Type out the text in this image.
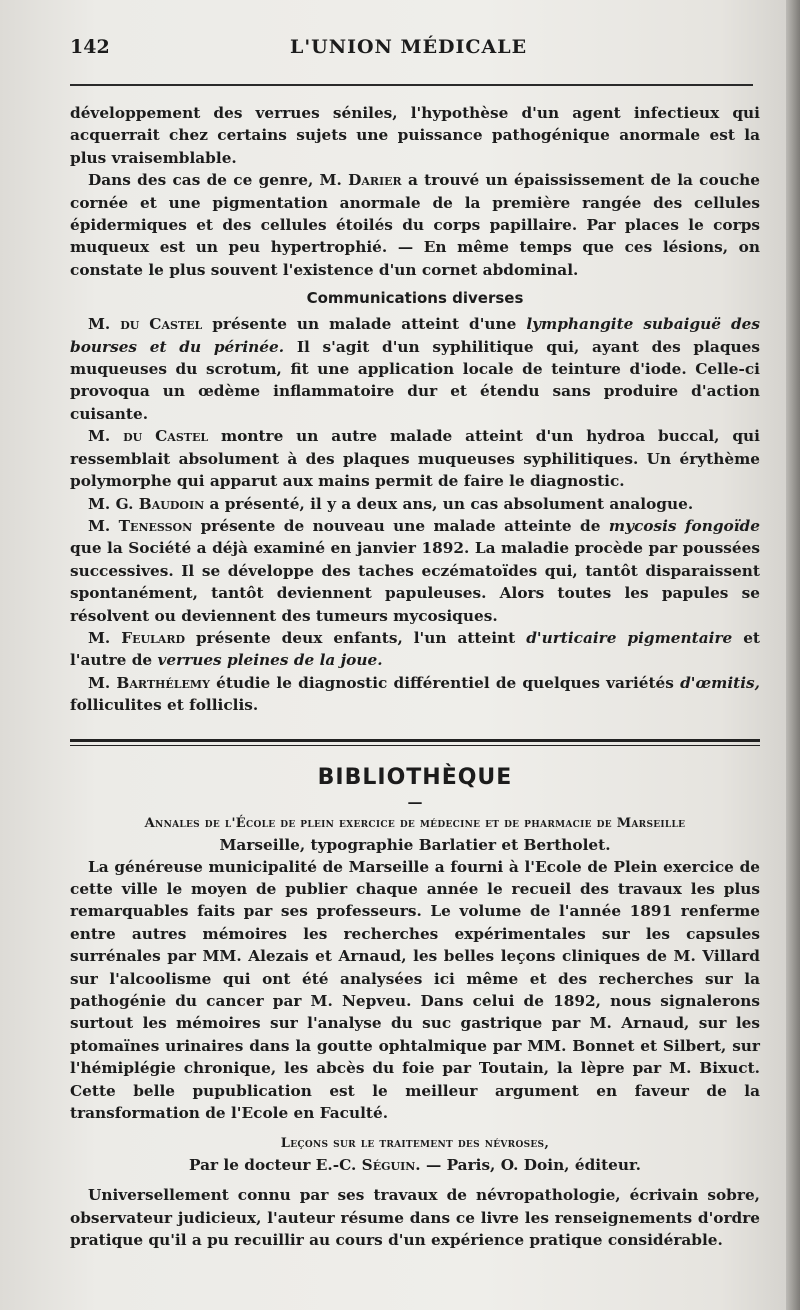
142	L'UNION MÉDICALE

développement des verrues séniles, l'hypothèse d'un agent infectieux qui acquerrait chez certains sujets une puissance pathogénique anormale est la plus vraisemblable.

Dans des cas de ce genre, M. Darier a trouvé un épaississement de la couche cornée et une pigmentation anormale de la première rangée des cellules épidermiques et des cellules étoilés du corps papillaire. Par places le corps muqueux est un peu hypertrophié. — En même temps que ces lésions, on constate le plus souvent l'existence d'un cornet abdominal.

Communications diverses

M. du Castel présente un malade atteint d'une lymphangite subaiguë des bourses et du périnée. Il s'agit d'un syphilitique qui, ayant des plaques muqueuses du scrotum, fit une application locale de teinture d'iode. Celle-ci provoqua un œdème inflammatoire dur et étendu sans produire d'action cuisante.

M. du Castel montre un autre malade atteint d'un hydroa buccal, qui ressemblait absolument à des plaques muqueuses syphilitiques. Un érythème polymorphe qui apparut aux mains permit de faire le diagnostic.

M. G. Baudoin a présenté, il y a deux ans, un cas absolument analogue.

M. Tenesson présente de nouveau une malade atteinte de mycosis fongoïde que la Société a déjà examiné en janvier 1892. La maladie procède par poussées successives. Il se développe des taches eczématoïdes qui, tantôt disparaissent spontanément, tantôt deviennent papuleuses. Alors toutes les papules se résolvent ou deviennent des tumeurs mycosiques.

M. Feulard présente deux enfants, l'un atteint d'urticaire pigmentaire et l'autre de verrues pleines de la joue.

M. Barthélemy étudie le diagnostic différentiel de quelques variétés d'œmitis, folliculites et folliclis.

BIBLIOTHÈQUE
—
Annales de l'École de plein exercice de médecine et de pharmacie de Marseille
Marseille, typographie Barlatier et Bertholet.

La généreuse municipalité de Marseille a fourni à l'Ecole de Plein exercice de cette ville le moyen de publier chaque année le recueil des travaux les plus remarquables faits par ses professeurs. Le volume de l'année 1891 renferme entre autres mémoires les recherches expérimentales sur les capsules surrénales par MM. Alezais et Arnaud, les belles leçons cliniques de M. Villard sur l'alcoolisme qui ont été analysées ici même et des recherches sur la pathogénie du cancer par M. Nepveu. Dans celui de 1892, nous signalerons surtout les mémoires sur l'analyse du suc gastrique par M. Arnaud, sur les ptomaïnes urinaires dans la goutte ophtalmique par MM. Bonnet et Silbert, sur l'hémiplégie chronique, les abcès du foie par Toutain, la lèpre par M. Bixuct. Cette belle pupublication est le meilleur argument en faveur de la transformation de l'Ecole en Faculté.

Leçons sur le traitement des névroses,
Par le docteur E.-C. Séguin. — Paris, O. Doin, éditeur.

Universellement connu par ses travaux de névropathologie, écrivain sobre, observateur judicieux, l'auteur résume dans ce livre les renseignements d'ordre pratique qu'il a pu recuillir au cours d'un expérience pratique considérable.
